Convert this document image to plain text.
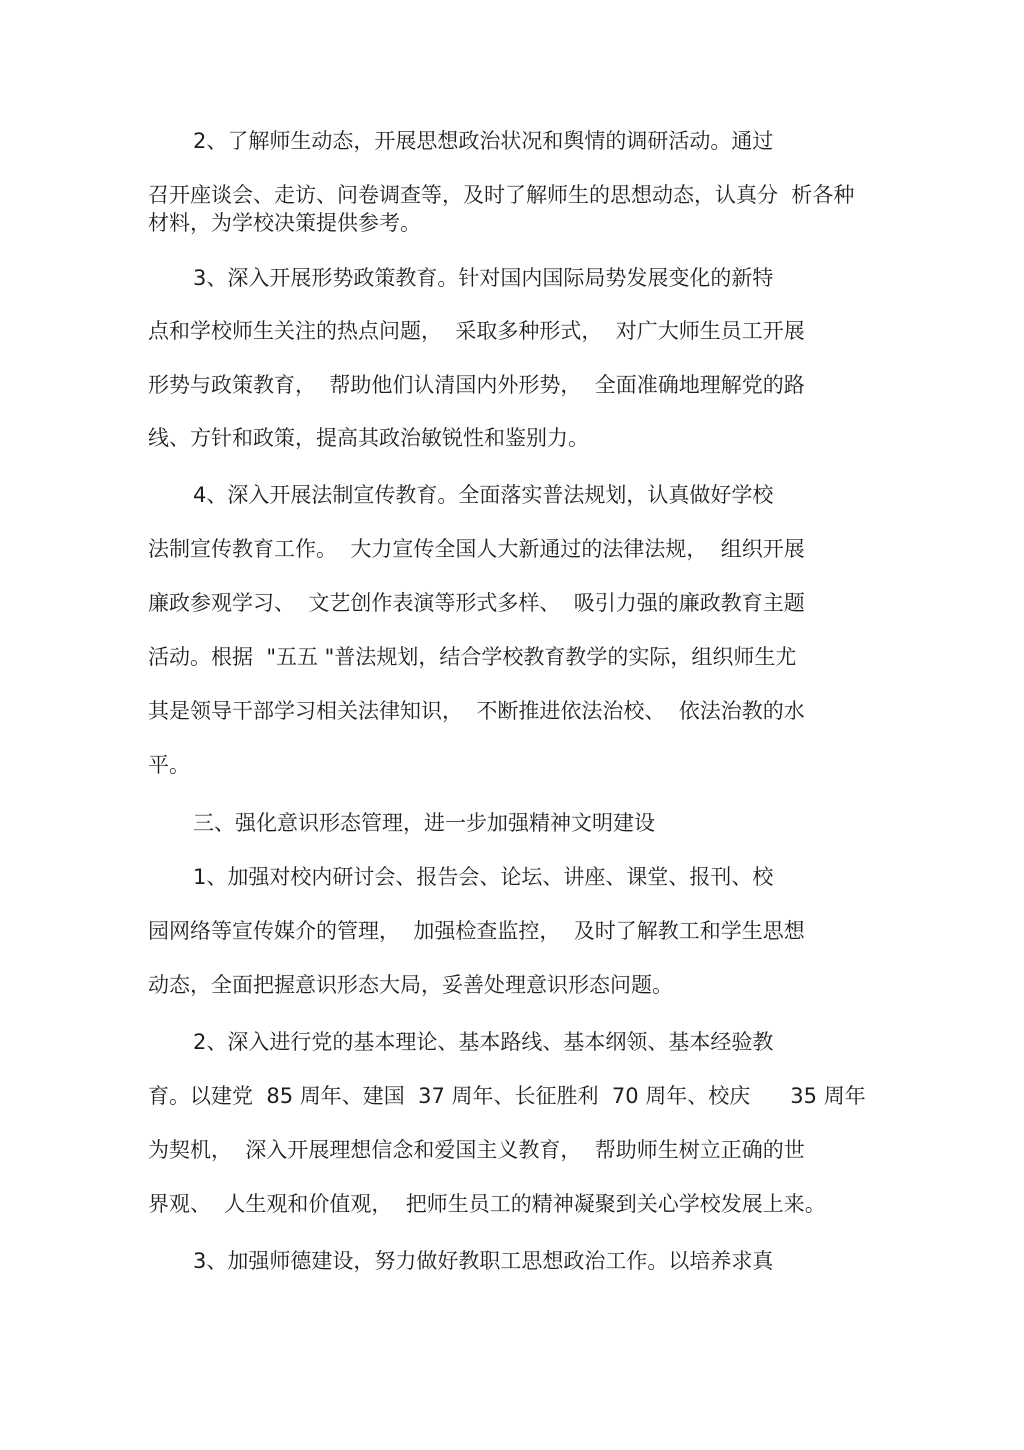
2、了解师生动态，开展思想政治状况和舆情的调研活动。通过
召开座谈会、走访、问卷调查等，及时了解师生的思想动态，认真分  析各种
材料，为学校决策提供参考。
3、深入开展形势政策教育。针对国内国际局势发展变化的新特
点和学校师生关注的热点问题，  采取多种形式，  对广大师生员工开展
形势与政策教育，  帮助他们认清国内外形势，  全面准确地理解党的路
线、方针和政策，提高其政治敏锐性和鉴别力。
4、深入开展法制宣传教育。全面落实普法规划，认真做好学校
法制宣传教育工作。  大力宣传全国人大新通过的法律法规，  组织开展
廉政参观学习、  文艺创作表演等形式多样、  吸引力强的廉政教育主题
活动。根据  "五五 "普法规划，结合学校教育教学的实际，组织师生尤
其是领导干部学习相关法律知识，  不断推进依法治校、  依法治教的水
平。
三、强化意识形态管理，进一步加强精神文明建设
1、加强对校内研讨会、报告会、论坛、讲座、课堂、报刊、校
园网络等宣传媒介的管理，  加强检查监控，  及时了解教工和学生思想
动态，全面把握意识形态大局，妥善处理意识形态问题。
2、深入进行党的基本理论、基本路线、基本纲领、基本经验教
育。以建党  85 周年、建国  37 周年、长征胜利  70 周年、校庆      35 周年
为契机，  深入开展理想信念和爱国主义教育，  帮助师生树立正确的世
界观、  人生观和价值观，  把师生员工的精神凝聚到关心学校发展上来。
3、加强师德建设，努力做好教职工思想政治工作。以培养求真
